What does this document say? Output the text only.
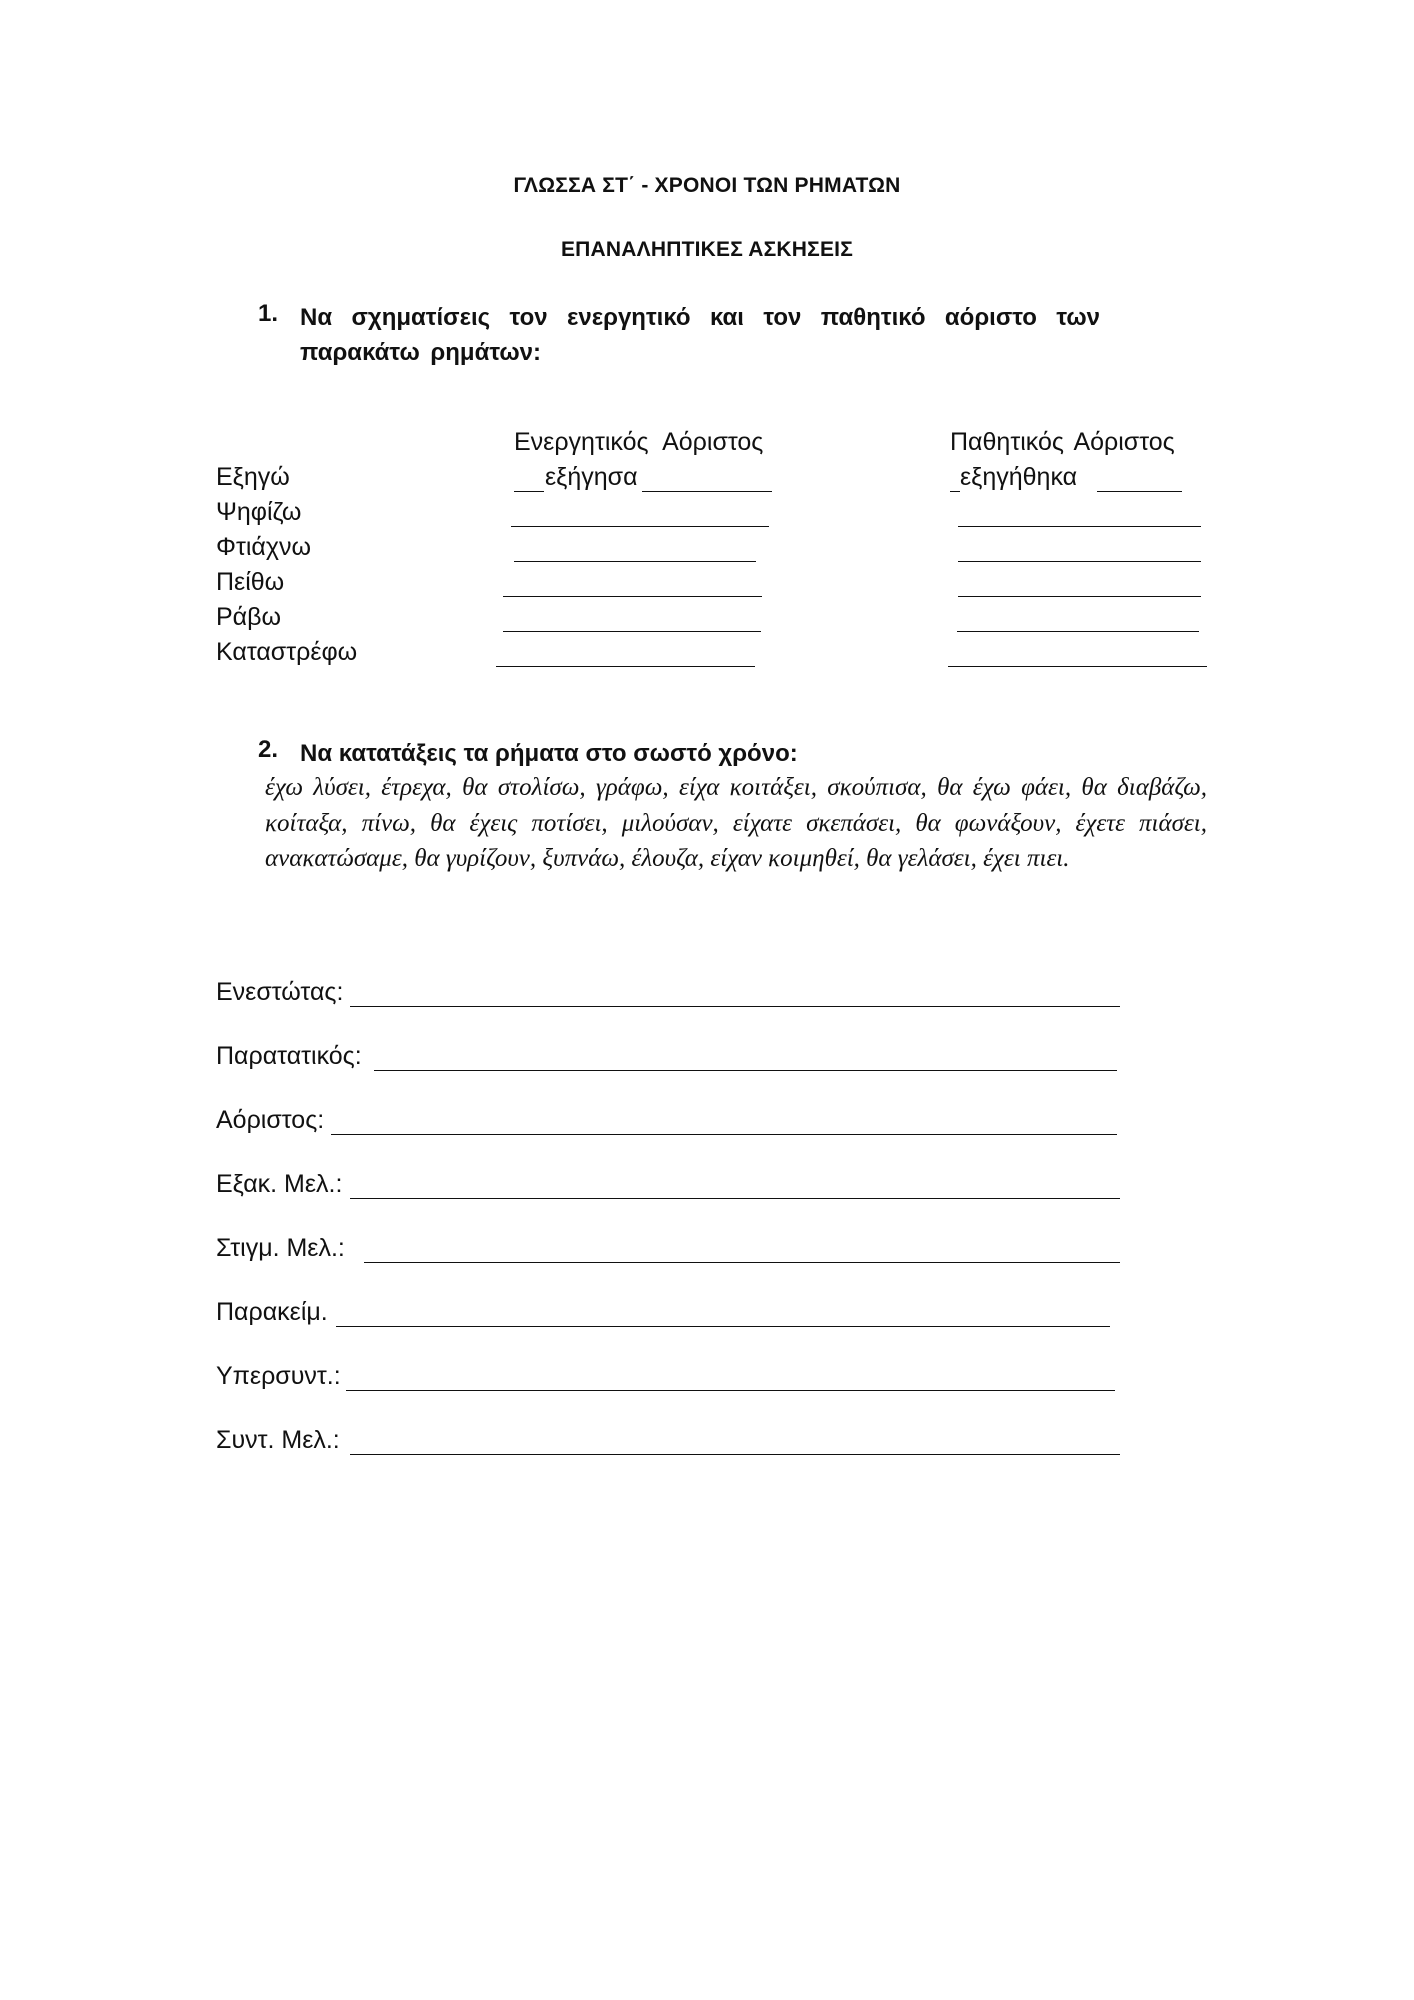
ΓΛΩΣΣΑ ΣΤ΄ - ΧΡΟΝΟΙ ΤΩΝ ΡΗΜΑΤΩΝ
ΕΠΑΝΑΛΗΠΤΙΚΕΣ ΑΣΚΗΣΕΙΣ
1. Να σχηματίσεις τον ενεργητικό και τον παθητικό αόριστο των παρακάτω ρημάτων:
Ενεργητικός Αόριστος	Παθητικός Αόριστος
Εξηγώ
Ψηφίζω
Φτιάχνω
Πείθω
Ράβω
Καταστρέφω
εξήγησα	εξηγήθηκα
2. Να κατατάξεις τα ρήματα στο σωστό χρόνο:
έχω λύσει, έτρεχα, θα στολίσω, γράφω, είχα κοιτάξει, σκούπισα, θα έχω φάει, θα διαβάζω, κοίταξα, πίνω, θα έχεις ποτίσει, μιλούσαν, είχατε σκεπάσει, θα φωνάξουν, έχετε πιάσει, ανακατώσαμε, θα γυρίζουν, ξυπνάω, έλουζα, είχαν κοιμηθεί, θα γελάσει, έχει πιει.
Ενεστώτας:
Παρατατικός:
Αόριστος:
Εξακ. Μελ.:
Στιγμ. Μελ.:
Παρακείμ.
Υπερσυντ.:
Συντ. Μελ.:
